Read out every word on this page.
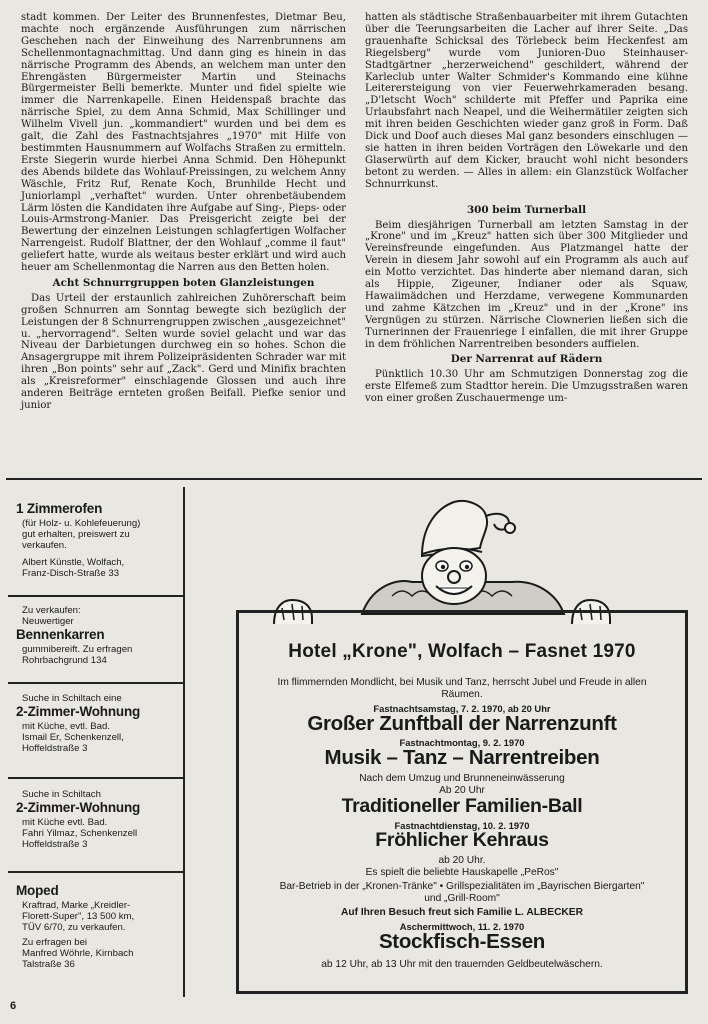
stadt kommen. Der Leiter des Brunnenfestes, Dietmar Beu, machte noch ergänzende Ausführungen zum närrischen Geschehen nach der Einweihung des Narrenbrunnens am Schellenmontagnachmittag. Und dann ging es hinein in das närrische Programm des Abends, an welchem man unter den Ehrengästen Bürgermeister Martin und Steinachs Bürgermeister Belli bemerkte. Munter und fidel spielte wie immer die Narrenkapelle. Einen Heidenspaß brachte das närrische Spiel, zu dem Anna Schmid, Max Schillinger und Wilhelm Vivell jun. „kommandiert" wurden und bei dem es galt, die Zahl des Fastnachtsjahres „1970" mit Hilfe von bestimmten Hausnummern auf Wolfachs Straßen zu ermitteln. Erste Siegerin wurde hierbei Anna Schmid. Den Höhepunkt des Abends bildete das Wohlauf-Preissingen, zu welchem Anny Wäschle, Fritz Ruf, Renate Koch, Brunhilde Hecht und Juniorlampl „verhaftet" wurden. Unter ohrenbetäubendem Lärm lösten die Kandidaten ihre Aufgabe auf Sing-, Pieps- oder Louis-Armstrong-Manier. Das Preisgericht zeigte bei der Bewertung der einzelnen Leistungen schlagfertigen Wolfacher Narrengeist. Rudolf Blattner, der den Wohlauf „comme il faut" geliefert hatte, wurde als weitaus bester erklärt und wird auch heuer am Schellenmontag die Narren aus den Betten holen.

Acht Schnurrgruppen boten Glanzleistungen

Das Urteil der erstaunlich zahlreichen Zuhörerschaft beim großen Schnurren am Sonntag bewegte sich bezüglich der Leistungen der 8 Schnurrengruppen zwischen „ausgezeichnet" u. „hervorragend". Selten wurde soviel gelacht und war das Niveau der Darbietungen durchweg ein so hohes. Schon die Ansagergruppe mit ihrem Polizeipräsidenten Schrader war mit ihren „Bon points" sehr auf „Zack". Gerd und Minifix brachten als „Kreisreformer" einschlagende Glossen und auch ihre anderen Beiträge ernteten großen Beifall. Piefke senior und junior

hatten als städtische Straßenbauarbeiter mit ihrem Gutachten über die Teerungsarbeiten die Lacher auf ihrer Seite. „Das grauenhafte Schicksal des Törlebeck beim Heckenfest am Riegelsberg" wurde vom Junioren-Duo Steinhauser-Stadtgärtner „herzerweichend" geschildert, während der Karleclub unter Walter Schmider's Kommando eine kühne Leiterersteigung von vier Feuerwehrkameraden besang. „D'letscht Woch" schilderte mit Pfeffer und Paprika eine Urlaubsfahrt nach Neapel, und die Weihermätiler zeigten sich mit ihren beiden Geschichten wieder ganz groß in Form. Daß Dick und Doof auch dieses Mal ganz besonders einschlugen — sie hatten in ihren beiden Vorträgen den Löwekarle und den Glaserwürth auf dem Kicker, braucht wohl nicht besonders betont zu werden. — Alles in allem: ein Glanzstück Wolfacher Schnurrkunst.

300 beim Turnerball

Beim diesjährigen Turnerball am letzten Samstag in der „Krone" und im „Kreuz" hatten sich über 300 Mitglieder und Vereinsfreunde eingefunden. Aus Platzmangel hatte der Verein in diesem Jahr sowohl auf ein Programm als auch auf ein Motto verzichtet. Das hinderte aber niemand daran, sich als Hippie, Zigeuner, Indianer oder als Squaw, Hawaiimädchen und Herzdame, verwegene Kommunarden und zahme Kätzchen im „Kreuz" und in der „Krone" ins Vergnügen zu stürzen. Närrische Clownerien ließen sich die Turnerinnen der Frauenriege I einfallen, die mit ihrer Gruppe in dem fröhlichen Narrentreiben besonders auffielen.

Der Narrenrat auf Rädern

Pünktlich 10.30 Uhr am Schmutzigen Donnerstag zog die erste Elfemeß zum Stadttor herein. Die Umzugsstraßen waren von einer großen Zuschauermenge um-

1 Zimmerofen
(für Holz- u. Kohlefeuerung)
gut erhalten, preiswert zu
verkaufen.
Albert Künstle, Wolfach,
Franz-Disch-Straße 33
Zu verkaufen:
Neuwertiger
Bennenkarren
gummibereift. Zu erfragen
Rohrbachgrund 134
Suche in Schiltach eine
2-Zimmer-Wohnung
mit Küche, evtl. Bad.
Ismail Er, Schenkenzell,
Hoffeldstraße 3
Suche in Schiltach
2-Zimmer-Wohnung
mit Küche evtl. Bad.
Fahri Yilmaz, Schenkenzell
Hoffeldstraße 3
Moped
Kraftrad, Marke „Kreidler-
Florett-Super", 13 500 km,
TÜV 6/70, zu verkaufen.
Zu erfragen bei
Manfred Wöhrle, Kirnbach
Talstraße 36
Hotel „Krone", Wolfach – Fasnet 1970
Im flimmernden Mondlicht, bei Musik und Tanz, herrscht Jubel und Freude in allen
Räumen.
Fastnachtsamstag, 7. 2. 1970, ab 20 Uhr
Großer Zunftball der Narrenzunft
Fastnachtmontag, 9. 2. 1970
Musik – Tanz – Narrentreiben
Nach dem Umzug und Brunneneinwässerung
Ab 20 Uhr
Traditioneller Familien-Ball
Fastnachtdienstag, 10. 2. 1970
Fröhlicher Kehraus
ab 20 Uhr.
Es spielt die beliebte Hauskapelle „PeRos"
Bar-Betrieb in der „Kronen-Tränke" • Grillspezialitäten im „Bayrischen Biergarten"
und „Grill-Room"
Auf Ihren Besuch freut sich Familie L. ALBECKER
Aschermittwoch, 11. 2. 1970
Stockfisch-Essen
ab 12 Uhr, ab 13 Uhr mit den trauernden Geldbeutelwäschern.
6
